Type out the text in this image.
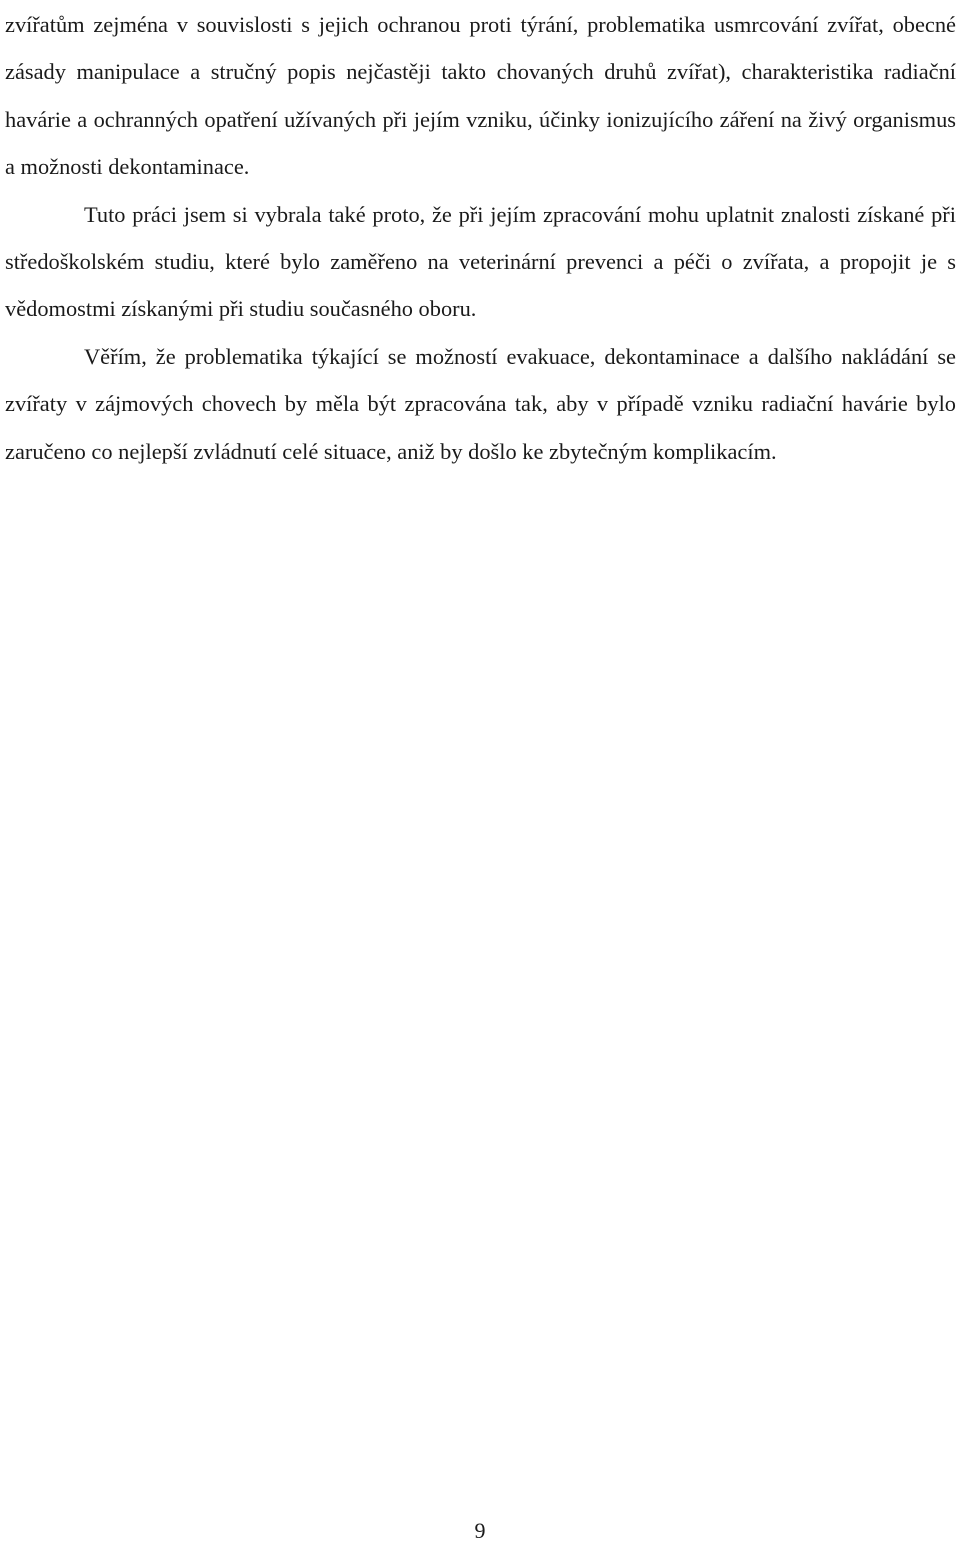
zvířatům zejména v souvislosti s jejich ochranou proti týrání, problematika usmrcování zvířat, obecné zásady manipulace a stručný popis nejčastěji takto chovaných druhů zvířat), charakteristika radiační havárie a ochranných opatření užívaných při jejím vzniku, účinky ionizujícího záření na živý organismus a možnosti dekontaminace.

Tuto práci jsem si vybrala také proto, že při jejím zpracování mohu uplatnit znalosti získané při středoškolském studiu, které bylo zaměřeno na veterinární prevenci a péči o zvířata, a propojit je s vědomostmi získanými při studiu současného oboru.

Věřím, že problematika týkající se možností evakuace, dekontaminace a dalšího nakládání se zvířaty v zájmových chovech by měla být zpracována tak, aby v případě vzniku radiační havárie bylo zaručeno co nejlepší zvládnutí celé situace, aniž by došlo ke zbytečným komplikacím.

9
